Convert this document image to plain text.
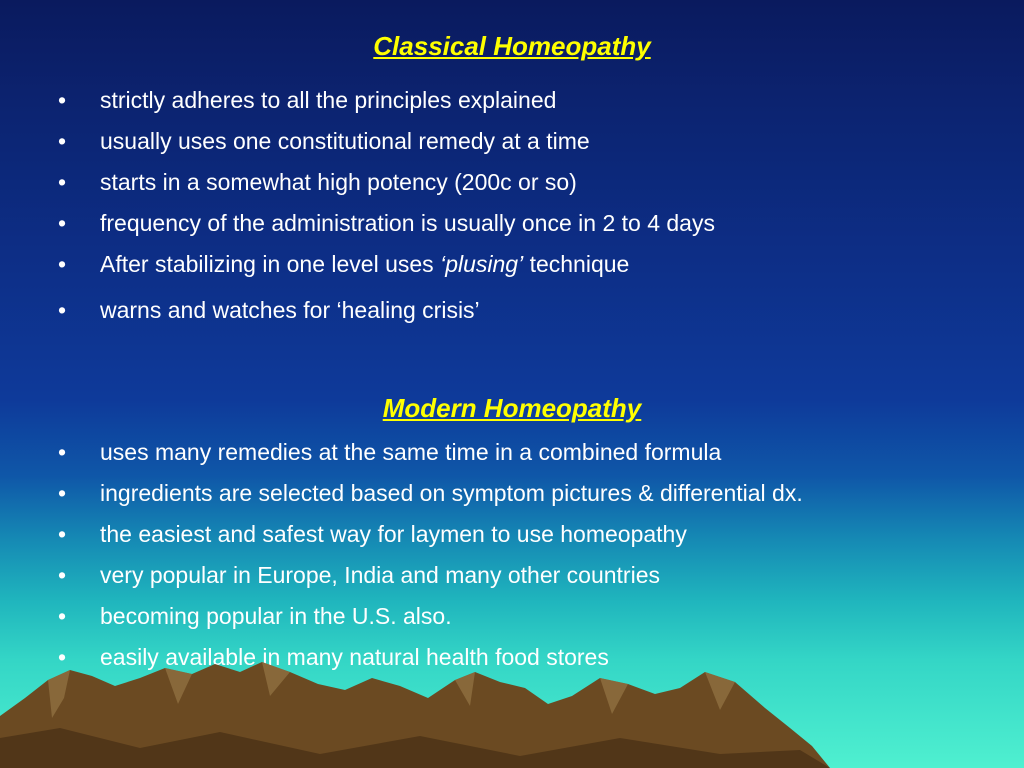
Classical Homeopathy
• strictly adheres to all the principles explained
• usually uses one constitutional remedy at a time
• starts in a somewhat high potency (200c or so)
• frequency of the administration is usually once in 2 to 4 days
• After stabilizing in one level uses ‘plusing’ technique
• warns and watches for ‘healing crisis’
Modern Homeopathy
• uses many remedies at the same time in a combined formula
• ingredients are selected based on symptom pictures & differential dx.
• the easiest and safest way for laymen to use homeopathy
• very popular in Europe, India and many other countries
• becoming popular in the U.S. also.
• easily available in many natural health food stores
